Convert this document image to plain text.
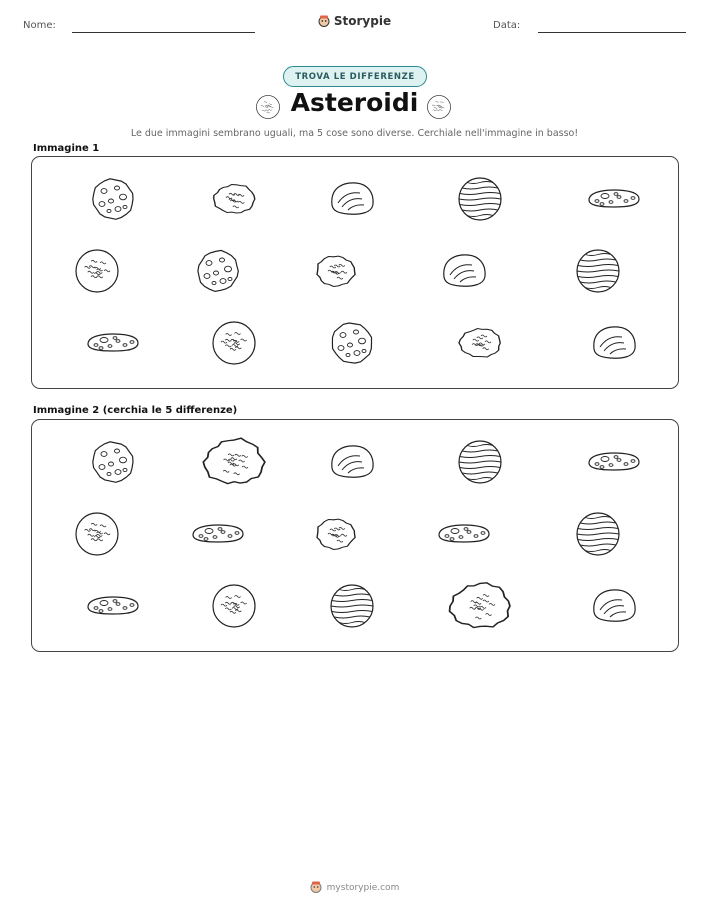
Nome:	Storypie	Data:
TROVA LE DIFFERENZE
Asteroidi
Le due immagini sembrano uguali, ma 5 cose sono diverse. Cerchiale nell'immagine in basso!
Immagine 1
Immagine 2 (cerchia le 5 differenze)
mystorypie.com
